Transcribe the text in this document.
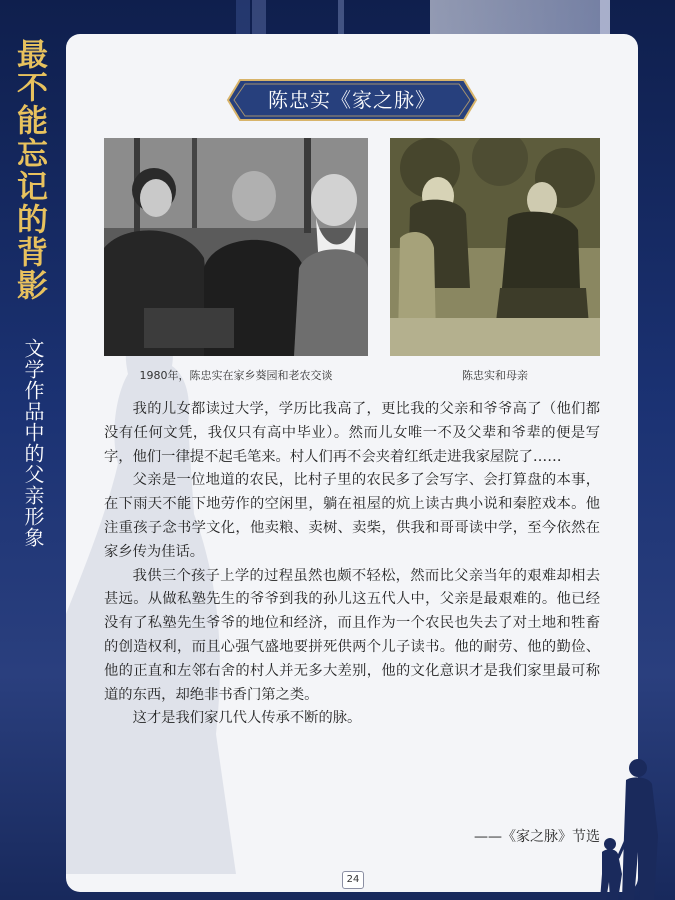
最不能忘记的背影
文学作品中的父亲形象
陈忠实《家之脉》
1980年，陈忠实在家乡葵园和老农交谈	陈忠实和母亲

我的儿女都读过大学，学历比我高了，更比我的父亲和爷爷高了（他们都没有任何文凭，我仅只有高中毕业）。然而儿女唯一不及父辈和爷辈的便是写字，他们一律提不起毛笔来。村人们再不会夹着红纸走进我家屋院了……

父亲是一位地道的农民，比村子里的农民多了会写字、会打算盘的本事，在下雨天不能下地劳作的空闲里，躺在祖屋的炕上读古典小说和秦腔戏本。他注重孩子念书学文化，他卖粮、卖树、卖柴，供我和哥哥读中学，至今依然在家乡传为佳话。

我供三个孩子上学的过程虽然也颇不轻松，然而比父亲当年的艰难却相去甚远。从做私塾先生的爷爷到我的孙儿这五代人中，父亲是最艰难的。他已经没有了私塾先生爷爷的地位和经济，而且作为一个农民也失去了对土地和牲畜的创造权利，而且心强气盛地要拼死供两个儿子读书。他的耐劳、他的勤俭、他的正直和左邻右舍的村人并无多大差别，他的文化意识才是我们家里最可称道的东西，却绝非书香门第之类。

这才是我们家几代人传承不断的脉。

——《家之脉》节选
24
